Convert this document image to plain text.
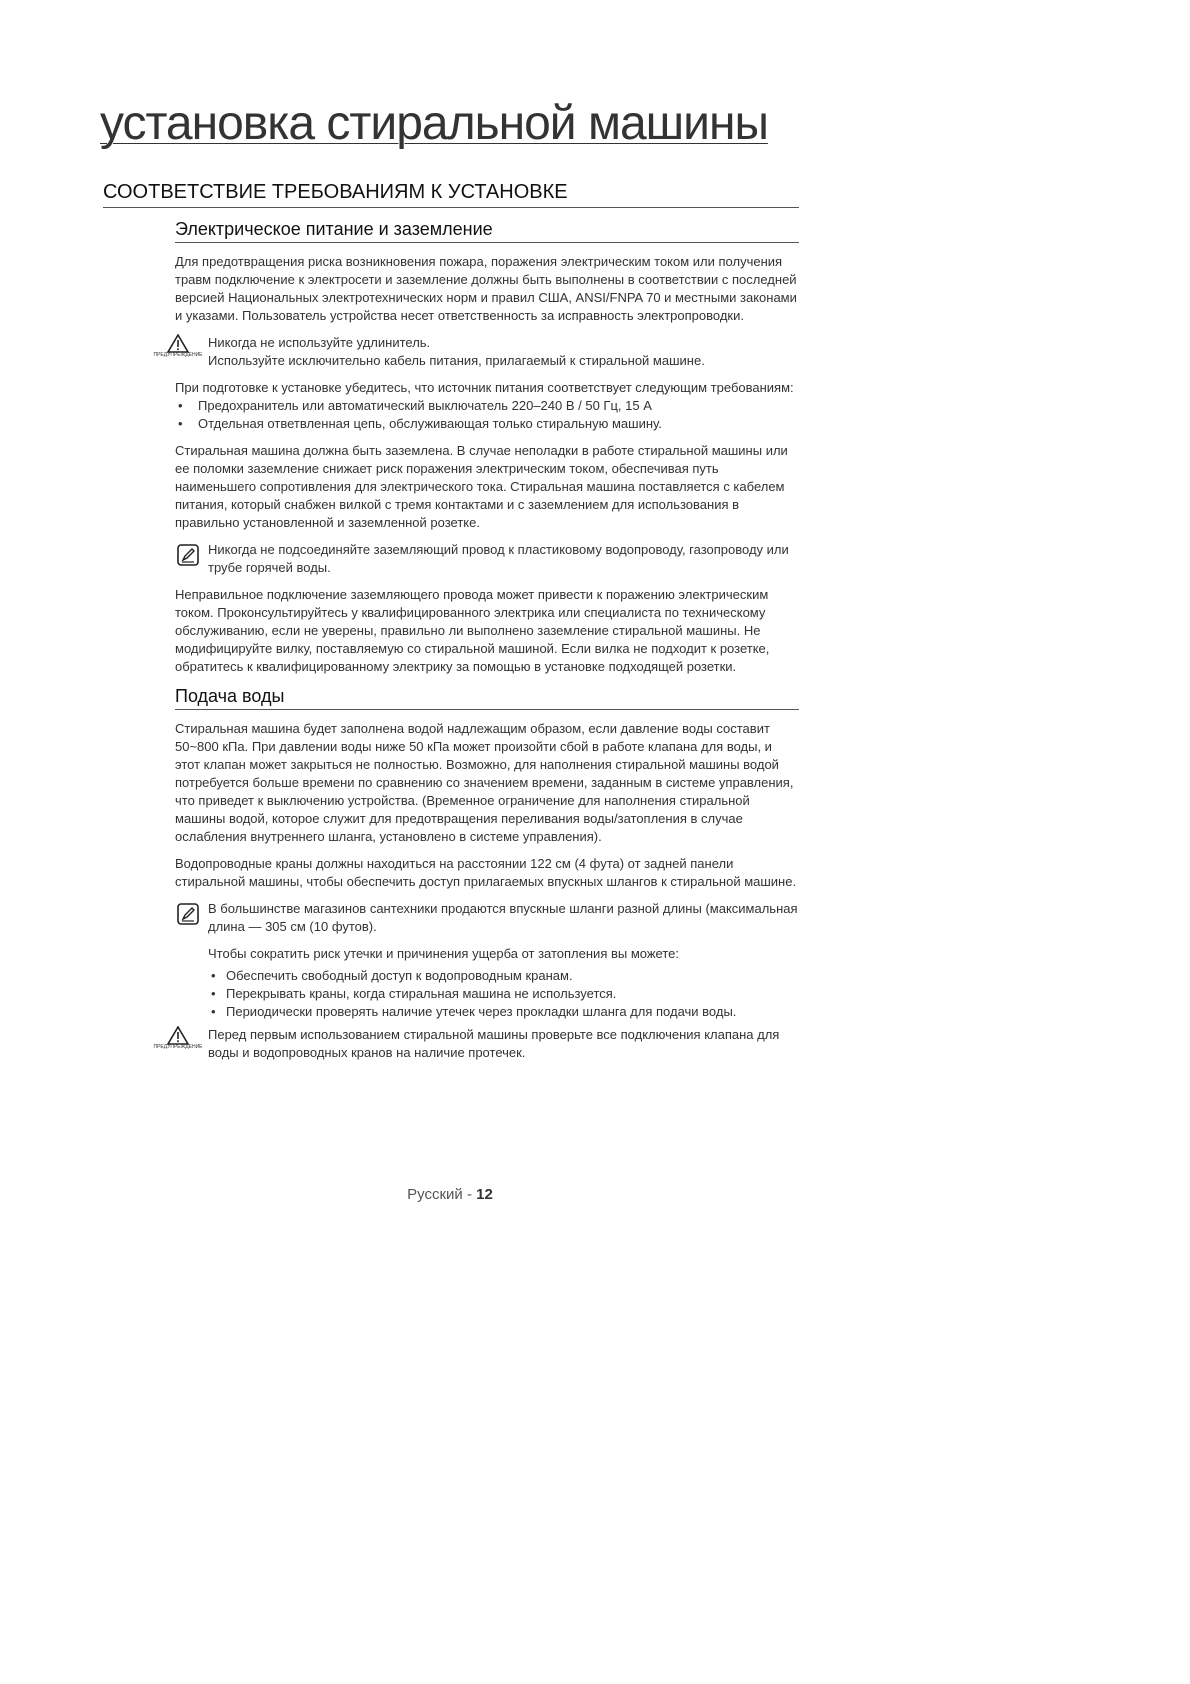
установка стиральной машины
СООТВЕТСТВИЕ ТРЕБОВАНИЯМ К УСТАНОВКЕ
Электрическое питание и заземление

Для предотвращения риска возникновения пожара, поражения электрическим током или получения травм подключение к электросети и заземление должны быть выполнены в соответствии с последней версией Национальных электротехнических норм и правил США, ANSI/FNPA 70 и местными законами и указами. Пользователь устройства несет ответственность за исправность электропроводки.

ПРЕДУПРЕЖДЕНИЕ

Никогда не используйте удлинитель.

Используйте исключительно кабель питания, прилагаемый к стиральной машине.

При подготовке к установке убедитесь, что источник питания соответствует следующим требованиям:

• Предохранитель или автоматический выключатель 220–240 В / 50 Гц, 15 А
• Отдельная ответвленная цепь, обслуживающая только стиральную машину.

Стиральная машина должна быть заземлена. В случае неполадки в работе стиральной машины или ее поломки заземление снижает риск поражения электрическим током, обеспечивая путь наименьшего сопротивления для электрического тока. Стиральная машина поставляется с кабелем питания, который снабжен вилкой с тремя контактами и с заземлением для использования в правильно установленной и заземленной розетке.

Никогда не подсоединяйте заземляющий провод к пластиковому водопроводу, газопроводу или трубе горячей воды.

Неправильное подключение заземляющего провода может привести к поражению электрическим током. Проконсультируйтесь у квалифицированного электрика или специалиста по техническому обслуживанию, если не уверены, правильно ли выполнено заземление стиральной машины. Не модифицируйте вилку, поставляемую со стиральной машиной. Если вилка не подходит к розетке, обратитесь к квалифицированному электрику за помощью в установке подходящей розетки.

Подача воды

Стиральная машина будет заполнена водой надлежащим образом, если давление воды составит 50~800 кПа. При давлении воды ниже 50 кПа может произойти сбой в работе клапана для воды, и этот клапан может закрыться не полностью. Возможно, для наполнения стиральной машины водой потребуется больше времени по сравнению со значением времени, заданным в системе управления, что приведет к выключению устройства. (Временное ограничение для наполнения стиральной машины водой, которое служит для предотвращения переливания воды/затопления в случае ослабления внутреннего шланга, установлено в системе управления).

Водопроводные краны должны находиться на расстоянии 122 см (4 фута) от задней панели стиральной машины, чтобы обеспечить доступ прилагаемых впускных шлангов к стиральной машине.

В большинстве магазинов сантехники продаются впускные шланги разной длины (максимальная длина — 305 см (10 футов).

Чтобы сократить риск утечки и причинения ущерба от затопления вы можете:

• Обеспечить свободный доступ к водопроводным кранам.
• Перекрывать краны, когда стиральная машина не используется.
• Периодически проверять наличие утечек через прокладки шланга для подачи воды.
ПРЕДУПРЕЖДЕНИЕ

Перед первым использованием стиральной машины проверьте все подключения клапана для воды и водопроводных кранов на наличие протечек.

Русский - 12
